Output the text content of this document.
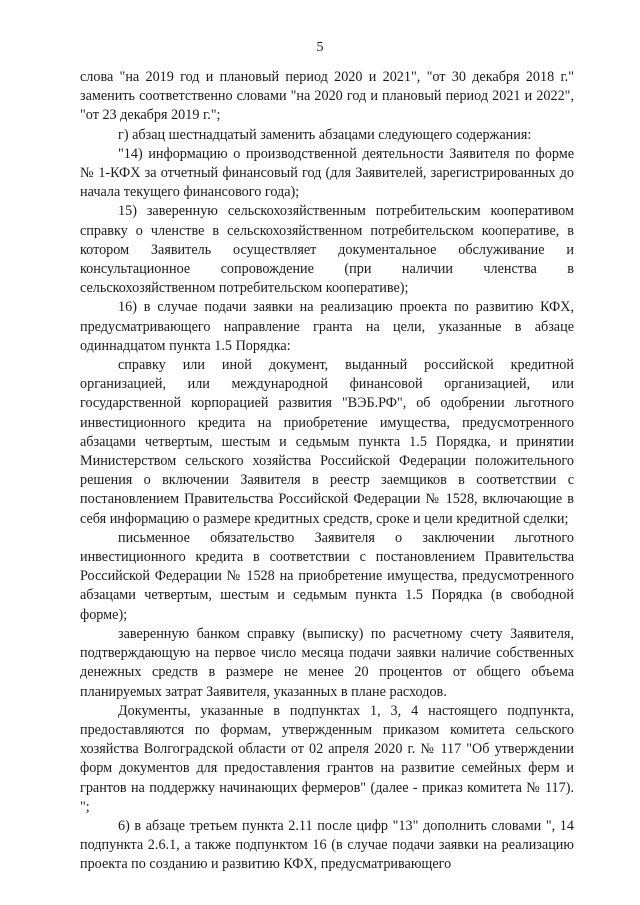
5

слова "на 2019 год и плановый период 2020 и 2021", "от 30 декабря 2018 г." заменить соответственно словами "на 2020 год и плановый период 2021 и 2022", "от 23 декабря 2019 г.";

г) абзац шестнадцатый заменить абзацами следующего содержания:

"14) информацию о производственной деятельности Заявителя по форме № 1-КФХ за отчетный финансовый год (для Заявителей, зарегистрированных до начала текущего финансового года);

15) заверенную сельскохозяйственным потребительским кооперативом справку о членстве в сельскохозяйственном потребительском кооперативе, в котором Заявитель осуществляет документальное обслуживание и консультационное сопровождение (при наличии членства в сельскохозяйственном потребительском кооперативе);

16) в случае подачи заявки на реализацию проекта по развитию КФХ, предусматривающего направление гранта на цели, указанные в абзаце одиннадцатом пункта 1.5 Порядка:

справку или иной документ, выданный российской кредитной организацией, или международной финансовой организацией, или государственной корпорацией развития "ВЭБ.РФ", об одобрении льготного инвестиционного кредита на приобретение имущества, предусмотренного абзацами четвертым, шестым и седьмым пункта 1.5 Порядка, и принятии Министерством сельского хозяйства Российской Федерации положительного решения о включении Заявителя в реестр заемщиков в соответствии с постановлением Правительства Российской Федерации № 1528, включающие в себя информацию о размере кредитных средств, сроке и цели кредитной сделки;

письменное обязательство Заявителя о заключении льготного инвестиционного кредита в соответствии с постановлением Правительства Российской Федерации № 1528 на приобретение имущества, предусмотренного абзацами четвертым, шестым и седьмым пункта 1.5 Порядка (в свободной форме);

заверенную банком справку (выписку) по расчетному счету Заявителя, подтверждающую на первое число месяца подачи заявки наличие собственных денежных средств в размере не менее 20 процентов от общего объема планируемых затрат Заявителя, указанных в плане расходов.

Документы, указанные в подпунктах 1, 3, 4 настоящего подпункта, предоставляются по формам, утвержденным приказом комитета сельского хозяйства Волгоградской области от 02 апреля 2020 г. № 117 "Об утверждении форм документов для предоставления грантов на развитие семейных ферм и грантов на поддержку начинающих фермеров" (далее - приказ комитета № 117). ";

6) в абзаце третьем пункта 2.11 после цифр "13" дополнить словами ", 14 подпункта 2.6.1, а также подпунктом 16 (в случае подачи заявки на реализацию проекта по созданию и развитию КФХ, предусматривающего
